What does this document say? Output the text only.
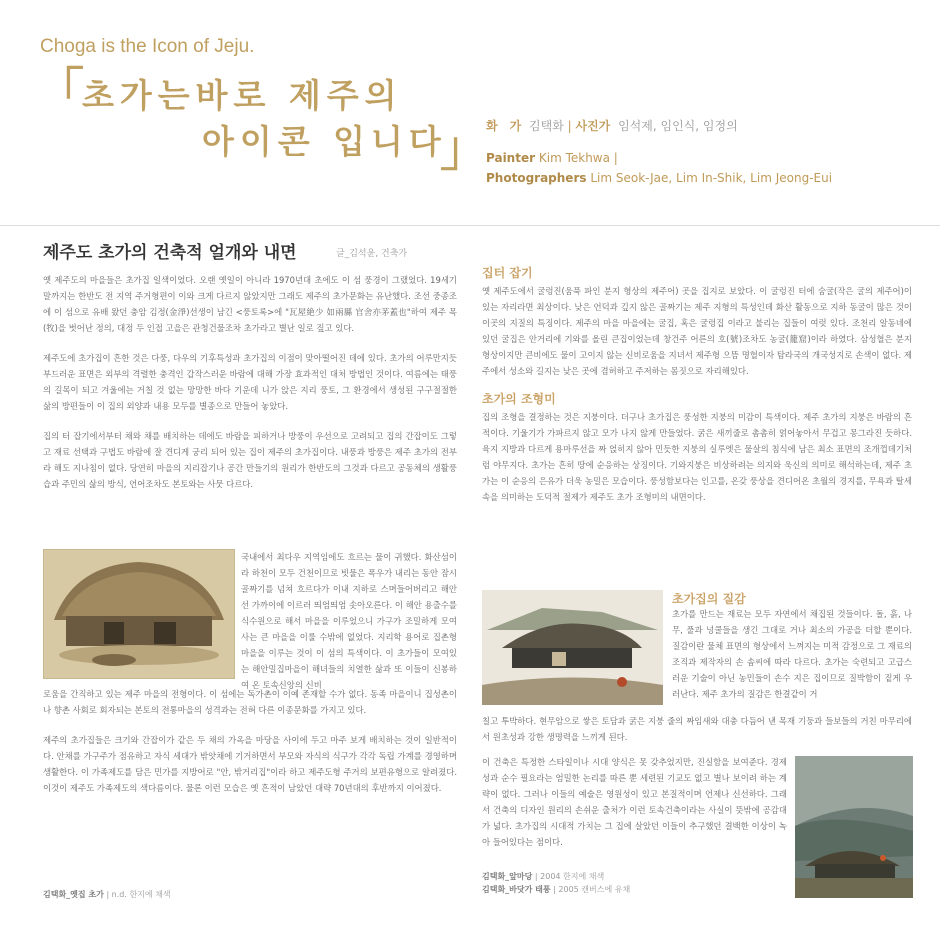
Choga is the Icon of Jeju.
「
초가는바로 제주의
아이콘 입니다
」
화　가 김택화 | 사진가 임석제, 임인식, 임정의
Painter Kim Tekhwa |
Photographers Lim Seok-Jae, Lim In-Shik, Lim Jeong-Eui
제주도 초가의 건축적 얼개와 내면	글_김석윤, 건축가

옛 제주도의 마을들은 초가집 일색이었다. 오랜 옛일이 아니라 1970년대 초에도 이 섬 풍경이 그랬었다. 19세기 말까지는 한반도 전 지역 주거형편이 이와 크게 다르지 않았지만 그래도 제주의 초가문화는 유난했다. 조선 중종조에 이 섬으로 유배 왔던 충암 김정(金淨)선생이 남긴 <풍토록>에 "瓦屋絶少 如兩縣 官舍亦茅蓋也"하여 제주 목(牧)을 벗어난 정의, 대정 두 인접 고을은 관청건물조차 초가라고 별난 일로 짚고 있다.

제주도에 초가집이 흔한 것은 다풍, 다우의 기후특성과 초가집의 이점이 맞아떨어진 데에 있다. 초가의 어루만지듯 부드러운 표면은 외부의 격렬한 충격인 갑작스러운 바람에 대해 가장 효과적인 대처 방법인 것이다. 여름에는 태풍의 길목이 되고 겨울에는 거칠 것 없는 망망한 바다 기운데 니가 앉은 지리 풍토, 그 환경에서 생성된 구구절절한 삶의 방편들이 이 집의 외양과 내용 모두를 별종으로 만들어 놓았다.

집의 터 잡기에서부터 채와 채를 배치하는 데에도 바람을 피하거나 방풍이 우선으로 고려되고 집의 간잡이도 그렇고 재료 선택과 구법도 바람에 잘 견디게 궁리 되어 있는 집이 제주의 초가집이다. 내풍과 방풍은 제주 초가의 전부라 해도 지나침이 없다. 당연히 마을의 지리잡기나 공간 만들기의 원리가 한반도의 그것과 다르고 공동체의 생활풍습과 주민의 삶의 방식, 언어조차도 본토와는 사뭇 다르다.

국내에서 최다우 지역임에도 흐르는 물이 귀했다. 화산섬이라 하천이 모두 건천이므로 빗물은 폭우가 내리는 동안 잠시 골짜기를 넘쳐 흐르다가 이내 지하로 스며들어버리고 해안선 가까이에 이르러 띄엄띄엄 솟아오른다. 이 해안 용출수를 식수원으로 해서 마을을 이루었으니 가구가 조밀하게 모여 사는 큰 마을을 이룰 수밖에 없었다. 지리학 용어로 집촌형 마을을 이루는 것이 이 섬의 특색이다. 이 초가들이 모여있는 해안밀집마을이 해녀들의 치열한 삶과 또 이들이 신봉하여 온 토속신앙의 신비

로움을 간직하고 있는 제주 마을의 전형이다. 이 섬에는 독가촌이 이예 존재할 수가 없다. 동족 마을이니 집성촌이나 향촌 사회로 회자되는 본토의 전통마을의 성격과는 전혀 다른 이종문화를 가지고 있다.

제주의 초가집들은 크기와 간잡이가 같은 두 채의 가옥을 마당을 사이에 두고 마주 보게 배치하는 것이 일반적이다. 안채를 가구주가 점유하고 자식 세대가 밖앗채에 기거하면서 부모와 자식의 식구가 각각 독립 가계를 경영하며 생활한다. 이 가족제도를 담은 민가를 지방어로 "안, 밖거리집"이라 하고 제주도형 주거의 보편유형으로 알려졌다. 이것이 제주도 가족제도의 색다름이다. 물론 이런 모습은 옛 흔적이 남았던 대략 70년대의 후반까지 이어졌다.

김택화_옛집 초가 | n.d. 한지에 채색
집터 잡기

옛 제주도에서 굴렁진(움푹 파인 분지 형상의 제주어) 곳을 집지로 보았다. 이 굴렁진 터에 숨굴(작은 굴의 제주어)이 있는 자리라면 최상이다. 낮은 언덕과 깊지 않은 골짜기는 제주 지형의 특성인데 화산 활동으로 지하 동굴이 많은 것이 이곳의 지질의 특징이다. 제주의 마을 마을에는 굴집, 혹은 굴렁집 이라고 불리는 집들이 여럿 있다. 조천리 알동네에 있던 굴집은 안거리에 기와를 올린 큰집이었는데 창건주 어른의 호(號)조차도 농굴(籠窟)이라 하였다. 삼성혈은 분지 형상이지만 큰비에도 물이 고이지 않는 신비로움을 지녀서 제주형 으뜸 명혈이자 탐라국의 개국성지로 손색이 없다. 제주에서 성소와 길지는 낮은 곳에 겸허하고 주저하는 몸짓으로 자리해있다.

초가의 조형미

집의 조형을 결정하는 것은 지붕이다. 더구나 초가집은 풍성한 지붕의 미감이 특색이다. 제주 초가의 지붕은 바람의 흔적이다. 기울기가 가파르지 않고 모가 나지 않게 만들었다. 굵은 새끼줄로 촘촘히 얽어놓아서 무겁고 몽그라진 듯하다. 육지 지방과 다르게 용마루선을 짜 얹히지 않아 민듯한 지붕의 실루엣은 물살의 침식에 남은 최소 표면의 조개껍데기처럼 야무지다. 초가는 흔히 땅에 순응하는 상징이다. 기와지붕은 비상하려는 의지와 욱신의 의미로 해석하는데, 제주 초가는 이 순응의 은유가 더욱 농밀은 모습이다. 풍성함보다는 인고를, 온갖 풍상을 견디어온 초월의 경지를, 무욕과 탈세속을 의미하는 도덕적 절제가 제주도 초가 조형미의 내면이다.

초가집의 질감

초가를 만드는 재료는 모두 자연에서 채집된 것들이다. 돌, 흙, 나무, 풀과 넝쿨들을 생긴 그대로 거나 최소의 가공을 더할 뿐이다. 질감이란 물체 표면의 형상에서 느껴지는 미적 감정으로 그 재료의 조직과 제작자의 손 솜씨에 따라 다르다. 초가는 숙련되고 고급스러운 기술이 아닌 농민들이 손수 지은 집이므로 질박함이 짙게 우러난다. 제주 초가의 질감은 한결같이 거

칠고 투박하다. 현무암으로 쌓은 토담과 굵은 지붕 줄의 짜임새와 대충 다듬어 낸 목재 기둥과 들보들의 거친 마무리에서 원초성과 강한 생명력을 느끼게 된다.

이 건축은 특정한 스타일이나 시대 양식은 못 갖추었지만, 진실함을 보여준다. 경제성과 순수 필요라는 엄밀한 논리를 따른 뿐 세련된 기교도 없고 별나 보이려 하는 계략이 없다. 그러나 이들의 예술은 영원성이 있고 본질적이며 언제나 신선하다. 그래서 건축의 디자인 원리의 손쉬운 출처가 이런 토속건축이라는 사실이 뜻밖에 공감대가 넓다. 초가집의 시대적 가치는 그 집에 살았던 이들이 추구했던 결백한 이상이 녹아 들어있다는 점이다.

김택화_앞마당 | 2004 한지에 채색
김택화_바닷가 태풍 | 2005 캔버스에 유채
